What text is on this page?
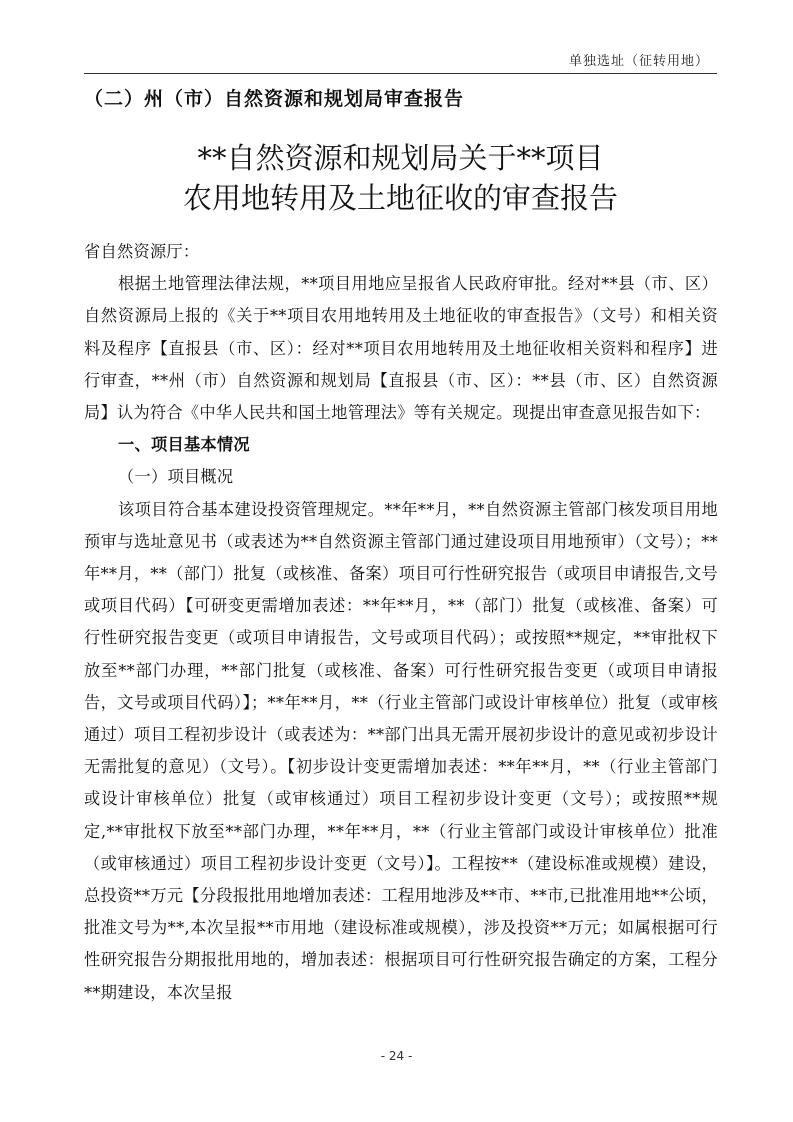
单独选址（征转用地）
（二）州（市）自然资源和规划局审查报告
**自然资源和规划局关于**项目
农用地转用及土地征收的审查报告

省自然资源厅：

根据土地管理法律法规，**项目用地应呈报省人民政府审批。经对**县（市、区）自然资源局上报的《关于**项目农用地转用及土地征收的审查报告》（文号）和相关资料及程序【直报县（市、区）：经对**项目农用地转用及土地征收相关资料和程序】进行审查，**州（市）自然资源和规划局【直报县（市、区）：**县（市、区）自然资源局】认为符合《中华人民共和国土地管理法》等有关规定。现提出审查意见报告如下：

一、项目基本情况

（一）项目概况

该项目符合基本建设投资管理规定。**年**月，**自然资源主管部门核发项目用地预审与选址意见书（或表述为**自然资源主管部门通过建设项目用地预审）（文号）；**年**月，**（部门）批复（或核准、备案）项目可行性研究报告（或项目申请报告,文号或项目代码）【可研变更需增加表述：**年**月，**（部门）批复（或核准、备案）可行性研究报告变更（或项目申请报告，文号或项目代码）；或按照**规定，**审批权下放至**部门办理，**部门批复（或核准、备案）可行性研究报告变更（或项目申请报告，文号或项目代码）】；**年**月，**（行业主管部门或设计审核单位）批复（或审核通过）项目工程初步设计（或表述为：**部门出具无需开展初步设计的意见或初步设计无需批复的意见）（文号）。【初步设计变更需增加表述：**年**月，**（行业主管部门或设计审核单位）批复（或审核通过）项目工程初步设计变更（文号）；或按照**规定,**审批权下放至**部门办理，**年**月，**（行业主管部门或设计审核单位）批准（或审核通过）项目工程初步设计变更（文号）】。工程按**（建设标准或规模）建设，总投资**万元【分段报批用地增加表述：工程用地涉及**市、**市,已批准用地**公顷，批准文号为**,本次呈报**市用地（建设标准或规模），涉及投资**万元；如属根据可行性研究报告分期报批用地的，增加表述：根据项目可行性研究报告确定的方案，工程分**期建设，本次呈报

- 24 -
